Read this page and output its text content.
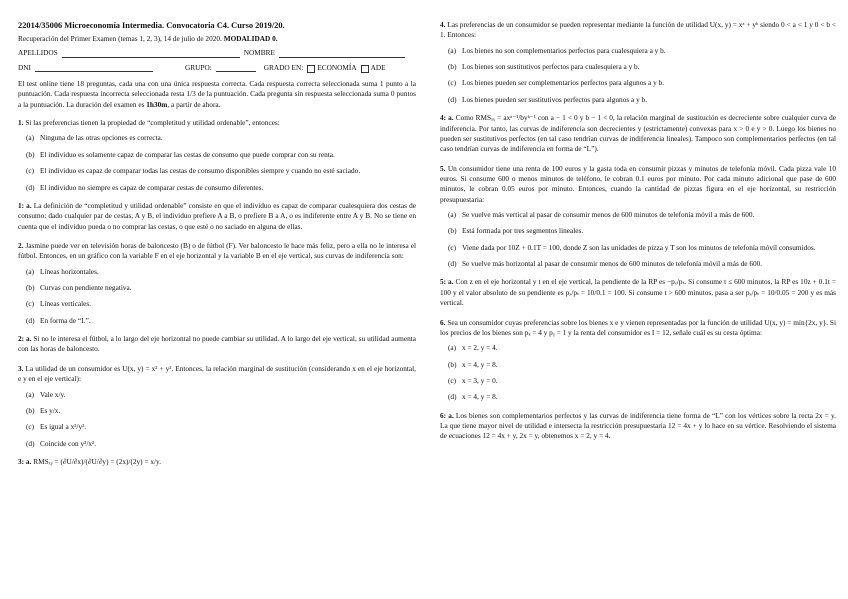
22014/35006 Microeconomía Intermedia. Convocatoria C4. Curso 2019/20.

Recuperación del Primer Examen (temas 1, 2, 3), 14 de julio de 2020. MODALIDAD 0.

APELLIDOS	NOMBRE
DNI	GRUPO:	GRADO EN: ECONOMÍA ADE

El test online tiene 18 preguntas, cada una con una única respuesta correcta. Cada respuesta correcta seleccionada suma 1 punto a la puntuación. Cada respuesta incorrecta seleccionada resta 1/3 de la puntuación. Cada pregunta sin respuesta seleccionada suma 0 puntos a la puntuación. La duración del examen es 1h30m, a partir de ahora.

1. Si las preferencias tienen la propiedad de “completitud y utilidad ordenable”, entonces:

(a) Ninguna de las otras opciones es correcta.
(b) El individuo es solamente capaz de comparar las cestas de consumo que puede comprar con su renta.
(c) El individuo es capaz de comparar todas las cestas de consumo disponibles siempre y cuando no esté saciado.
(d) El individuo no siempre es capaz de comparar cestas de consumo diferentes.

1: a. La definición de “completitud y utilidad ordenable” consiste en que el individuo es capaz de comparar cualesquiera dos cestas de consumo: dado cualquier par de cestas, A y B, el individuo prefiere A a B, o prefiere B a A, o es indiferente entre A y B. No se tiene en cuenta que el individuo pueda o no comprar las cestas, o que esté o no saciado en alguna de ellas.

2. Jasmine puede ver en televisión horas de baloncesto (B) o de fútbol (F). Ver baloncesto le hace más feliz, pero a ella no le interesa el fútbol. Entonces, en un gráfico con la variable F en el eje horizontal y la variable B en el eje vertical, sus curvas de indiferencia son:

(a) Líneas horizontales.
(b) Curvas con pendiente negativa.
(c) Líneas verticales.
(d) En forma de “L”.

2: a. Si no le interesa el fútbol, a lo largo del eje horizontal no puede cambiar su utilidad. A lo largo del eje vertical, su utilidad aumenta con las horas de baloncesto.

3. La utilidad de un consumidor es U(x, y) = x² + y². Entonces, la relación marginal de sustitución (considerando x en el eje horizontal, e y en el eje vertical):

(a) Vale x/y.
(b) Es y/x.
(c) Es igual a x²/y².
(d) Coincide con y²/x².

3: a. RMSₓᵧ = (∂U/∂x)/(∂U/∂y) = (2x)/(2y) = x/y.

4. Las preferencias de un consumidor se pueden representar mediante la función de utilidad U(x, y) = xᵃ + yᵇ siendo 0 < a < 1 y 0 < b < 1. Entonces:

(a) Los bienes no son complementarios perfectos para cualesquiera a y b.
(b) Los bienes son sustitutivos perfectos para cualesquiera a y b.
(c) Los bienes pueden ser complementarios perfectos para algunos a y b.
(d) Los bienes pueden ser sustitutivos perfectos para algunos a y b.

4: a. Como RMSₓᵧ = axᵃ⁻¹/byᵇ⁻¹ con a − 1 < 0 y b − 1 < 0, la relación marginal de sustitución es decreciente sobre cualquier curva de indiferencia. Por tanto, las curvas de indiferencia son decrecientes y (estrictamente) convexas para x > 0 e y > 0. Luego los bienes no pueden ser sustitutivos perfectos (en tal caso tendrían curvas de indiferencia lineales). Tampoco son complementarios perfectos (en tal caso tendrían curvas de indiferencia en forma de “L”).

5. Un consumidor tiene una renta de 100 euros y la gasta toda en consumir pizzas y minutos de telefonía móvil. Cada pizza vale 10 euros. Si consume 600 o menos minutos de teléfono, le cobran 0.1 euros por minuto. Por cada minuto adicional que pase de 600 minutos, le cobran 0.05 euros por minuto. Entonces, cuando la cantidad de pizzas figura en el eje horizontal, su restricción presupuestaria:

(a) Se vuelve más vertical al pasar de consumir menos de 600 minutos de telefonía móvil a más de 600.
(b) Está formada por tres segmentos lineales.
(c) Viene dada por 10Z + 0.1T = 100, donde Z son las unidades de pizza y T son los minutos de telefonía móvil consumidos.
(d) Se vuelve más horizontal al pasar de consumir menos de 600 minutos de telefonía móvil a más de 600.

5: a. Con z en el eje horizontal y t en el eje vertical, la pendiente de la RP es −pₓ/pₜ. Si consume t ≤ 600 minutos, la RP es 10z + 0.1t = 100 y el valor absoluto de su pendiente es pₓ/pₜ = 10/0.1 = 100. Si consume t > 600 minutos, pasa a ser pₓ/pₜ = 10/0.05 = 200 y es más vertical.

6. Sea un consumidor cuyas preferencias sobre los bienes x e y vienen representadas por la función de utilidad U(x, y) = mín{2x, y}. Si los precios de los bienes son pₓ = 4 y pᵧ = 1 y la renta del consumidor es I = 12, señale cuál es su cesta óptima:

(a) x = 2, y = 4.
(b) x = 4, y = 8.
(c) x = 3, y = 0.
(d) x = 4, y = 8.

6: a. Los bienes son complementarios perfectos y las curvas de indiferencia tiene forma de “L” con los vértices sobre la recta 2x = y. La que tiene mayor nivel de utilidad e intersecta la restricción presupuestaria 12 = 4x + y lo hace en su vértice. Resolviendo el sistema de ecuaciones 12 = 4x + y, 2x = y, obtenemos x = 2, y = 4.
